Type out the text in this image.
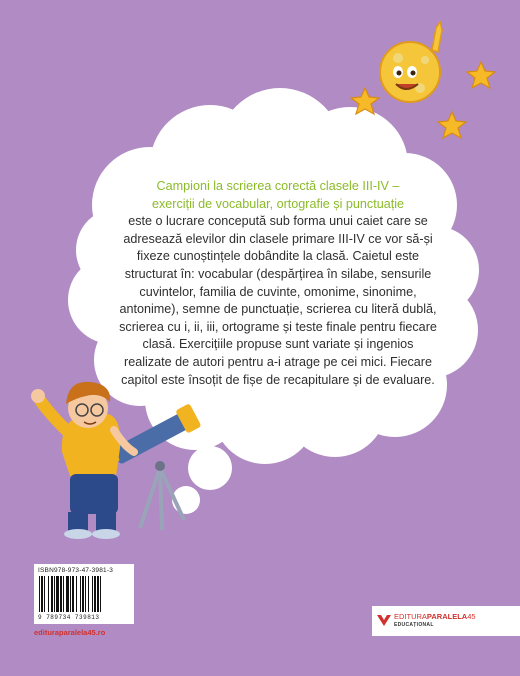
Campioni la scrierea corectă clasele III-IV –
exerciții de vocabular, ortografie și punctuație
este o lucrare concepută sub forma unui caiet care se adresează elevilor din clasele primare III-IV ce vor să-și fixeze cunoștințele dobândite la clasă. Caietul este structurat în: vocabular (despărțirea în silabe, sensurile cuvintelor, familia de cuvinte, omonime, sinonime, antonime), semne de punctuație, scrierea cu literă dublă, scrierea cu i, ii, iii, ortograme și teste finale pentru fiecare clasă. Exercițiile propuse sunt variate și ingenios realizate de autori pentru a-i atrage pe cei mici. Fiecare capitol este însoțit de fișe de recapitulare și de evaluare.
ISBN978-973-47-3981-3
9 789734 739813
editurаparalela45.ro
EDITURAPARALELA45
EDUCAȚIONAL
